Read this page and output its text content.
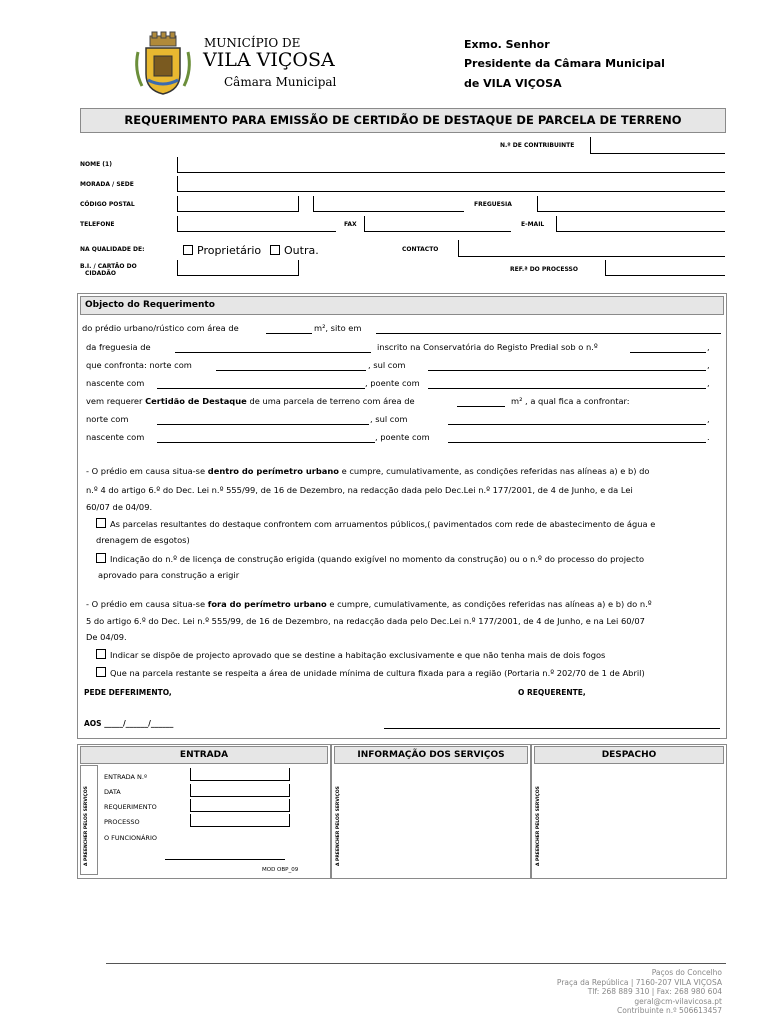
MUNICÍPIO DE
VILA VIÇOSA
Câmara Municipal
Exmo. Senhor
Presidente da Câmara Municipal
de VILA VIÇOSA
REQUERIMENTO PARA EMISSÃO DE CERTIDÃO DE DESTAQUE DE PARCELA DE TERRENO
N.º DE CONTRIBUINTE
NOME (1)
MORADA / SEDE
CÓDIGO POSTAL	FREGUESIA
TELEFONE	FAX	E-MAIL
NA QUALIDADE DE:	Proprietário	Outra.	CONTACTO
B.I. / CARTÃO DO
CIDADÃO
REF.ª DO PROCESSO
Objecto do Requerimento
do prédio urbano/rústico com área de	m², sito em
da freguesia de	inscrito na Conservatória do Registo Predial sob o n.º	,
que confronta: norte com	, sul com	,
nascente com	, poente com	,
vem requerer Certidão de Destaque de uma parcela de terreno com área de	m² , a qual fica a confrontar:
norte com	, sul com	,
nascente com	, poente com	.
- O prédio em causa situa-se dentro do perímetro urbano e cumpre, cumulativamente, as condições referidas nas alíneas a) e b) do
n.º 4 do artigo 6.º do Dec. Lei n.º 555/99, de 16 de Dezembro, na redacção dada pelo Dec.Lei n.º 177/2001, de 4 de Junho, e da Lei
60/07 de 04/09.
As parcelas resultantes do destaque confrontem com arruamentos públicos,( pavimentados com rede de abastecimento de água e
drenagem de esgotos)
Indicação do n.º de licença de construção erigida (quando exigível no momento da construção) ou o n.º do processo do projecto
aprovado para construção a erigir
- O prédio em causa situa-se fora do perímetro urbano e cumpre, cumulativamente, as condições referidas nas alíneas a) e b) do n.º
5 do artigo 6.º do Dec. Lei n.º 555/99, de 16 de Dezembro, na redacção dada pelo Dec.Lei n.º 177/2001, de 4 de Junho, e na Lei 60/07
De 04/09.
Indicar se dispõe de projecto aprovado que se destine a habitação exclusivamente e que não tenha mais de dois fogos
Que na parcela restante se respeita a área de unidade mínima de cultura fixada para a região (Portaria n.º 202/70 de 1 de Abril)
PEDE DEFERIMENTO,	O REQUERENTE,
AOS _____/______/______
ENTRADA
A PREENCHER PELOS SERVIÇOS
ENTRADA N.º
DATA
REQUERIMENTO
PROCESSO
O FUNCIONÁRIO
MOD OBP_09
INFORMAÇÃO DOS SERVIÇOS
A PREENCHER PELOS SERVIÇOS
DESPACHO
A PREENCHER PELOS SERVIÇOS
Paços do Concelho
Praça da República | 7160-207 VILA VIÇOSA
Tlf: 268 889 310 | Fax: 268 980 604
geral@cm-vilavicosa.pt
Contribuinte n.º 506613457
